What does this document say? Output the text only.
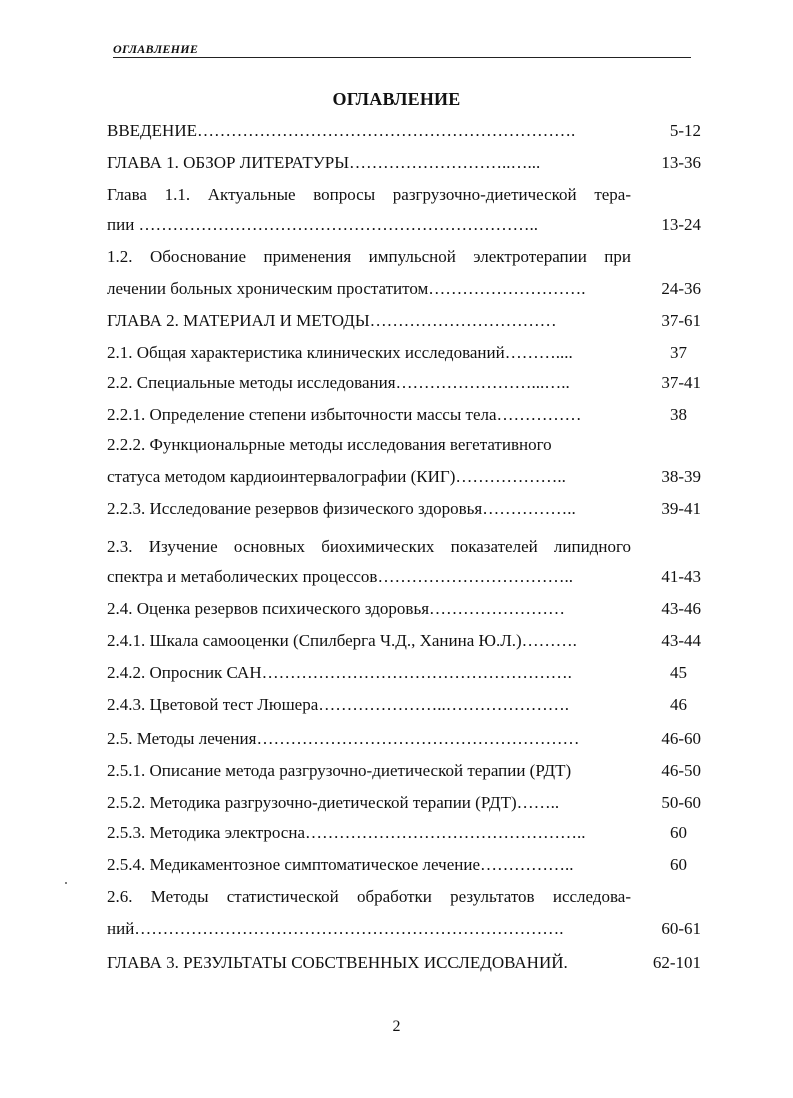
ОГЛАВЛЕНИЕ
ОГЛАВЛЕНИЕ
ВВЕДЕНИЕ………………………………………………………….	5-12
ГЛАВА 1. ОБЗОР ЛИТЕРАТУРЫ………………………..…...	13-36
Глава 1.1. Актуальные вопросы разгрузочно-диетической тера-
пии ……………………………………………………………..	13-24
1.2. Обоснование применения импульсной электротерапии при
лечении больных хроническим простатитом……………………….	24-36
ГЛАВА 2. МАТЕРИАЛ И МЕТОДЫ……………………………	37-61
2.1. Общая характеристика клинических исследований………....	37
2.2. Специальные методы исследования……………………...…..	37-41
2.2.1. Определение степени избыточности массы тела……………	38
2.2.2. Функциональрные методы исследования вегетативного
статуса методом кардиоинтервалографии (КИГ)………………..	38-39
2.2.3. Исследование резервов физического здоровья……………..	39-41
2.3. Изучение основных биохимических показателей липидного
спектра и метаболических процессов……………………………..	41-43
2.4. Оценка резервов психического здоровья……………………	43-46
2.4.1. Шкала самооценки (Спилберга Ч.Д., Ханина Ю.Л.)……….	43-44
2.4.2. Опросник САН……………………………………………….	45
2.4.3. Цветовой тест Люшера…………………..………………….	46
2.5. Методы лечения…………………………………………………	46-60
2.5.1. Описание метода разгрузочно-диетической терапии (РДТ)	46-50
2.5.2. Методика разгрузочно-диетической терапии (РДТ)……..	50-60
2.5.3. Методика электросна…………………………………………..	60
2.5.4. Медикаментозное симптоматическое лечение……………..	60
2.6. Методы статистической обработки результатов исследова-
ний………………………………………………………………….	60-61
ГЛАВА 3. РЕЗУЛЬТАТЫ СОБСТВЕННЫХ ИССЛЕДОВАНИЙ.	62-101
2
